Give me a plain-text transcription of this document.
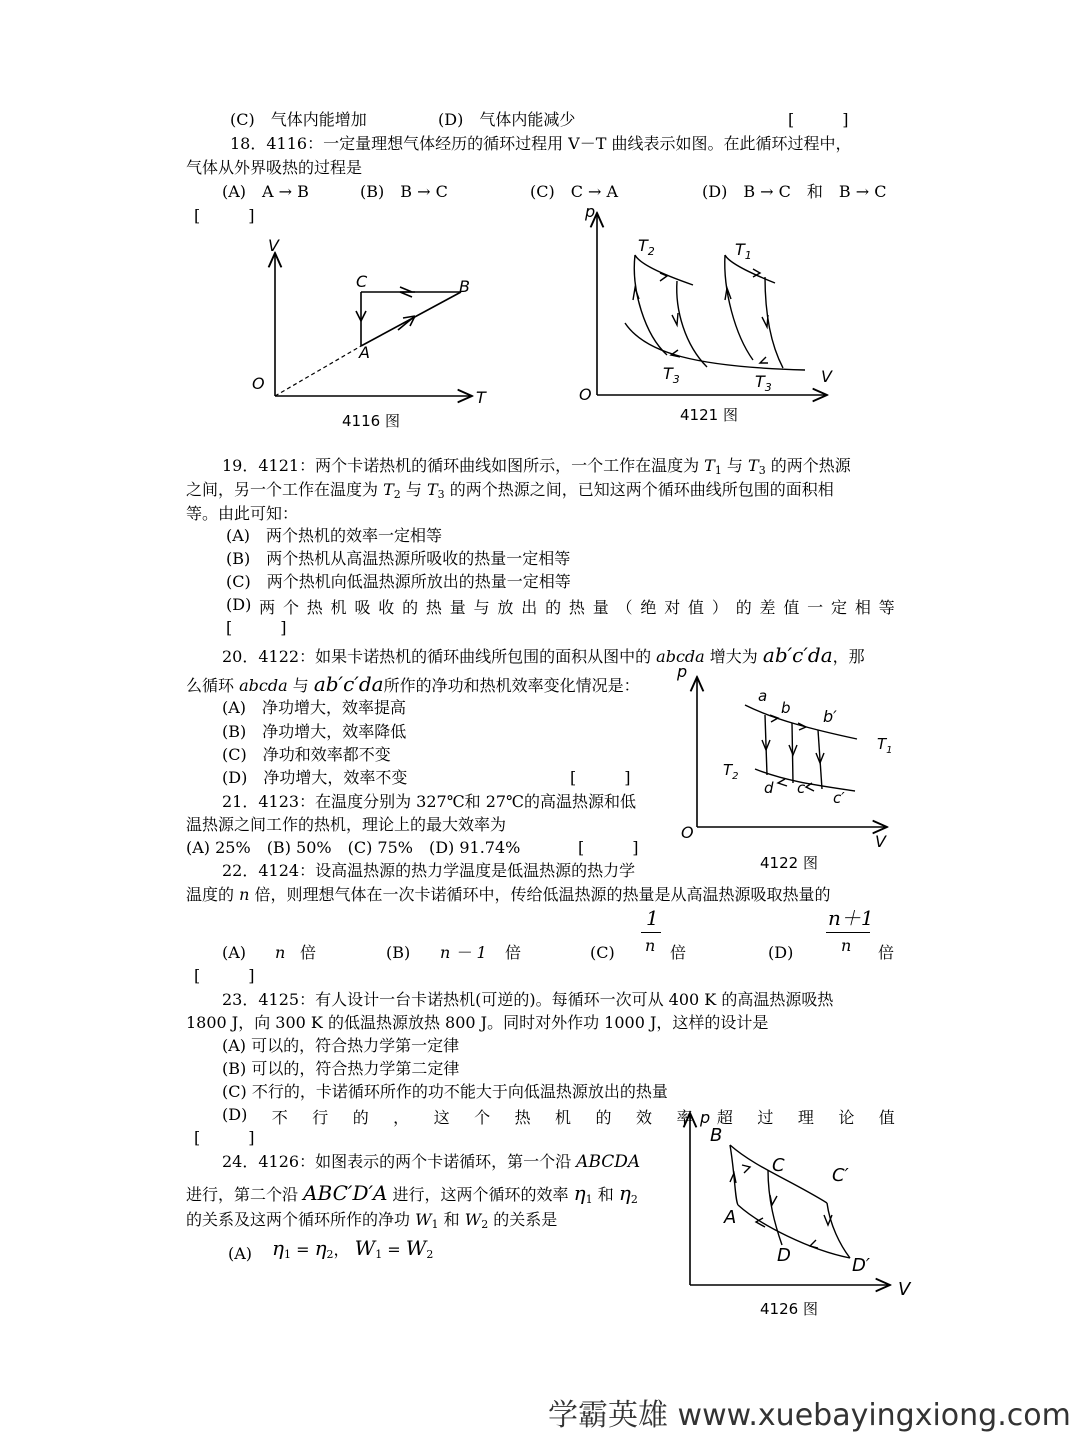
(C)　气体内能增加	(D)　气体内能减少	[　　　]
18．4116：一定量理想气体经历的循环过程用 V－T 曲线表示如图。在此循环过程中，
气体从外界吸热的过程是
(A)　A → B	(B)　B → C	(C)　C → A	(D)　B → C　和　B → C
[　　　]
V
T
O
A
B
C
4116 图
p
V
O
$T_2$	$T_1$
$T_3$	$T_3$
4121 图
19．4121：两个卡诺热机的循环曲线如图所示，一个工作在温度为 $T_1$ 与 $T_3$ 的两个热源
之间，另一个工作在温度为 $T_2$ 与 $T_3$ 的两个热源之间，已知这两个循环曲线所包围的面积相
等。由此可知：
(A)　两个热机的效率一定相等
(B)　两个热机从高温热源所吸收的热量一定相等
(C)　两个热机向低温热源所放出的热量一定相等
(D) 两 个 热 机 吸 收 的 热 量 与 放 出 的 热 量 （ 绝 对 值 ） 的 差 值 一 定 相 等
[　　　]
20．4122：如果卡诺热机的循环曲线所包围的面积从图中的 abcda 增大为 ab′c′da，那
么循环 abcda 与 ab′c′da所作的净功和热机效率变化情况是：
(A)　净功增大，效率提高
(B)　净功增大，效率降低
(C)　净功和效率都不变
(D)　净功增大，效率不变	[　　　]
p
V
O
a
b b′
d c
c′
$T_1$
$T_2$
4122 图
21．4123：在温度分别为 327℃和 27℃的高温热源和低
温热源之间工作的热机，理论上的最大效率为
(A) 25%　(B) 50%　(C) 75%　(D) 91.74%	[　　　]
22．4124：设高温热源的热力学温度是低温热源的热力学
温度的 n 倍，则理想气体在一次卡诺循环中，传给低温热源的热量是从高温热源吸取热量的
(A) n 倍	(B) n － 1 倍	(C)
1
n 倍	(D)
n＋1
n 倍
[　　　]
23．4125：有人设计一台卡诺热机(可逆的)。每循环一次可从 400 K 的高温热源吸热
1800 J，向 300 K 的低温热源放热 800 J。同时对外作功 1000 J，这样的设计是
(A) 可以的，符合热力学第一定律
(B) 可以的，符合热力学第二定律
(C) 不行的，卡诺循环所作的功不能大于向低温热源放出的热量
(D) 不 行 的 ， 这 个 热 机 的 效 率 超 过 理 论 值
[　　　]
24．4126：如图表示的两个卡诺循环，第一个沿 ABCDA
进行，第二个沿 ABC′D′A 进行，这两个循环的效率 $\eta_1$ 和 $\eta_2$
的关系及这两个循环所作的净功 $W_1$ 和 $W_2$ 的关系是
(A) $\eta_1 = \eta_2$， $W_1 = W_2$
p
V
B
C	C′
A
D	D′
4126 图
学霸英雄 www.xuebayingxiong.com
